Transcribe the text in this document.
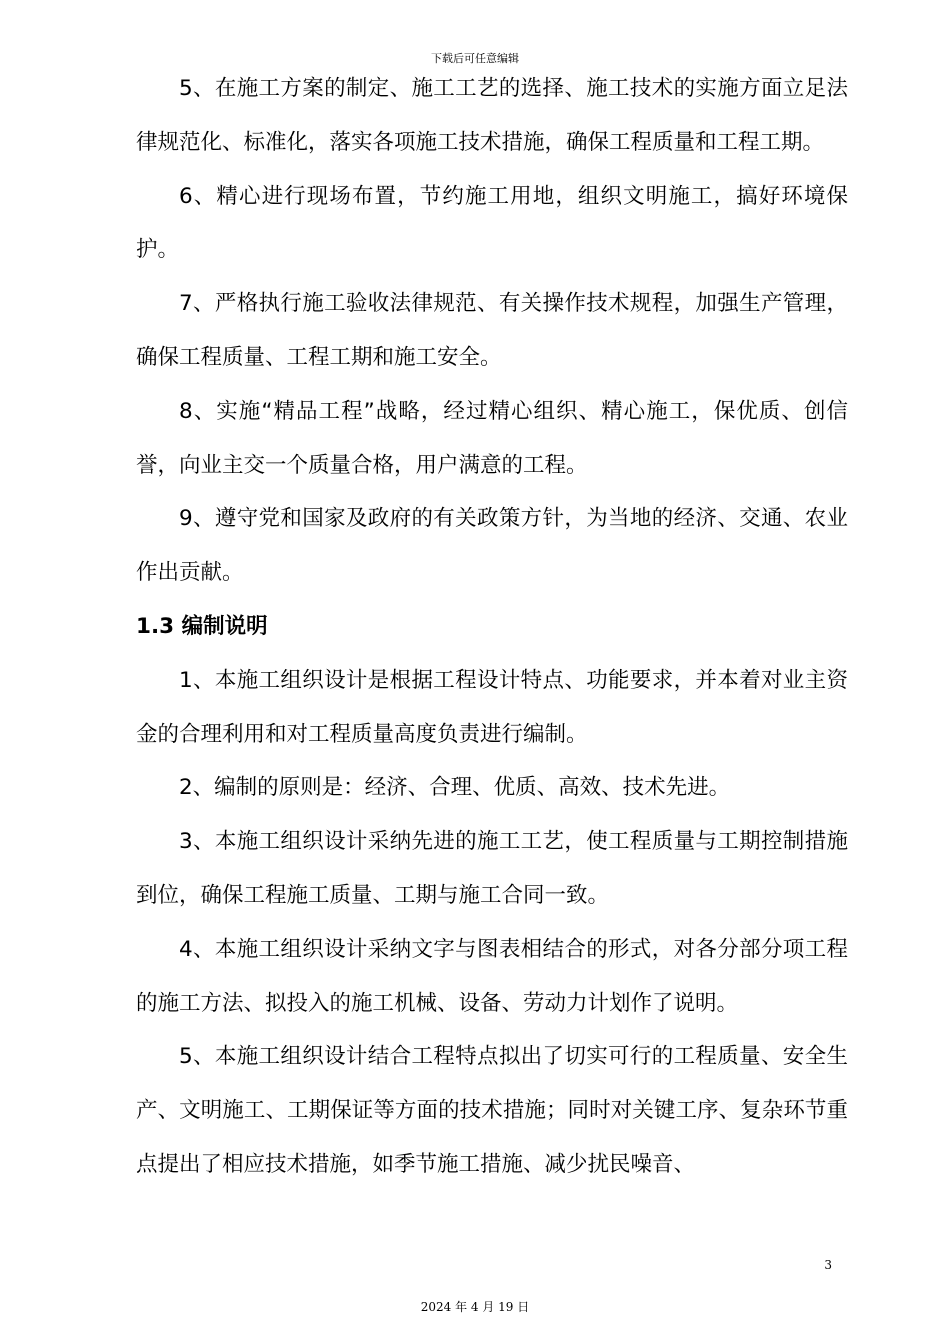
下载后可任意编辑

5、在施工方案的制定、施工工艺的选择、施工技术的实施方面立足法律规范化、标准化，落实各项施工技术措施，确保工程质量和工程工期。

6、精心进行现场布置，节约施工用地，组织文明施工，搞好环境保护。

7、严格执行施工验收法律规范、有关操作技术规程，加强生产管理，确保工程质量、工程工期和施工安全。

8、实施“精品工程”战略，经过精心组织、精心施工，保优质、创信誉，向业主交一个质量合格，用户满意的工程。

9、遵守党和国家及政府的有关政策方针，为当地的经济、交通、农业作出贡献。

1.3 编制说明

1、本施工组织设计是根据工程设计特点、功能要求，并本着对业主资金的合理利用和对工程质量高度负责进行编制。

2、编制的原则是：经济、合理、优质、高效、技术先进。

3、本施工组织设计采纳先进的施工工艺，使工程质量与工期控制措施到位，确保工程施工质量、工期与施工合同一致。

4、本施工组织设计采纳文字与图表相结合的形式，对各分部分项工程的施工方法、拟投入的施工机械、设备、劳动力计划作了说明。

5、本施工组织设计结合工程特点拟出了切实可行的工程质量、安全生产、文明施工、工期保证等方面的技术措施；同时对关键工序、复杂环节重点提出了相应技术措施，如季节施工措施、减少扰民噪音、

3
2024 年 4 月 19 日
